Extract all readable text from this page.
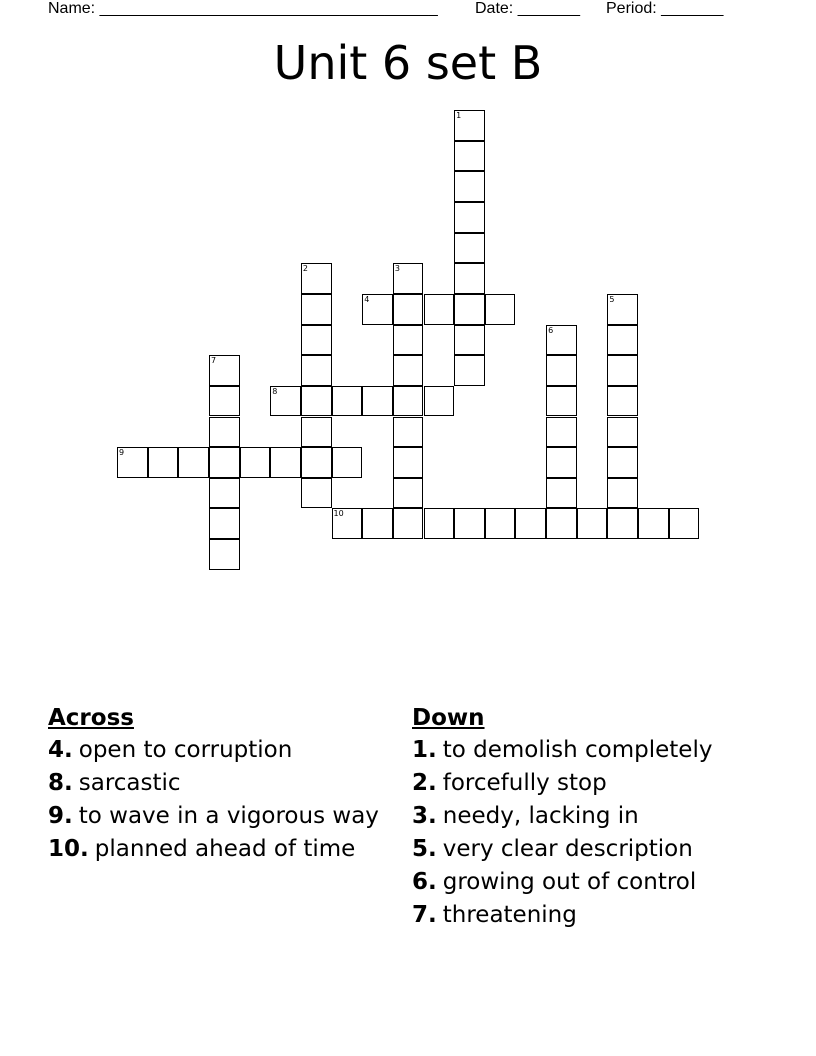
Name: ______________________________________ Date: _______ Period: _______
Unit 6 set B
1
2	3
4	5
6
7
8
9
10
Across
4. open to corruption
8. sarcastic
9. to wave in a vigorous way
10. planned ahead of time
Down
1. to demolish completely
2. forcefully stop
3. needy, lacking in
5. very clear description
6. growing out of control
7. threatening
